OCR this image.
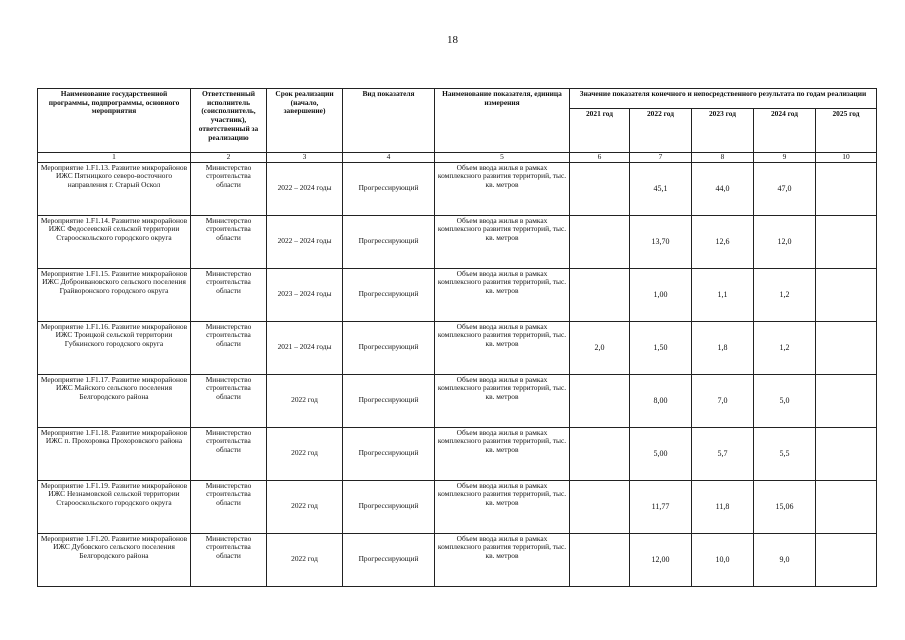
18
Наименование государственной программы, подпрограммы, основного мероприятия	Ответственный исполнитель (соисполнитель, участник), ответственный за реализацию	Срок реализации (начало, завершение)	Вид показателя	Наименование показателя, единица измерения	Значение показателя конечного и непосредственного результата по годам реализации				
					2021 год	2022 год	2023 год	2024 год	2025 год
1	2	3	4	5	6	7	8	9	10
Мероприятие 1.F1.13. Развитие микрорайонов ИЖС Пятницкого северо-восточного направления г. Старый Оскол	Министерство строительства области	2022 – 2024 годы	Прогрессирующий	Объем ввода жилья в рамках комплексного развития территорий, тыс. кв. метров		45,1	44,0	47,0	
Мероприятие 1.F1.14. Развитие микрорайонов ИЖС Федосеевской сельской территории Старооскольского городского округа	Министерство строительства области	2022 – 2024 годы	Прогрессирующий	Объем ввода жилья в рамках комплексного развития территорий, тыс. кв. метров		13,70	12,6	12,0	
Мероприятие 1.F1.15. Развитие микрорайонов ИЖС Доброивановского сельского поселения Грайворонского городского округа	Министерство строительства области	2023 – 2024 годы	Прогрессирующий	Объем ввода жилья в рамках комплексного развития территорий, тыс. кв. метров		1,00	1,1	1,2	
Мероприятие 1.F1.16. Развитие микрорайонов ИЖС Троицкой сельской территории Губкинского городского округа	Министерство строительства области	2021 – 2024 годы	Прогрессирующий	Объем ввода жилья в рамках комплексного развития территорий, тыс. кв. метров	2,0	1,50	1,8	1,2	
Мероприятие 1.F1.17. Развитие микрорайонов ИЖС Майского сельского поселения Белгородского района	Министерство строительства области	2022 год	Прогрессирующий	Объем ввода жилья в рамках комплексного развития территорий, тыс. кв. метров		8,00	7,0	5,0	
Мероприятие 1.F1.18. Развитие микрорайонов ИЖС п. Прохоровка Прохоровского района	Министерство строительства области	2022 год	Прогрессирующий	Объем ввода жилья в рамках комплексного развития территорий, тыс. кв. метров		5,00	5,7	5,5	
Мероприятие 1.F1.19. Развитие микрорайонов ИЖС Незнамовской сельской территории Старооскольского городского округа	Министерство строительства области	2022 год	Прогрессирующий	Объем ввода жилья в рамках комплексного развития территорий, тыс. кв. метров		11,77	11,8	15,06	
Мероприятие 1.F1.20. Развитие микрорайонов ИЖС Дубовского сельского поселения Белгородского района	Министерство строительства области	2022 год	Прогрессирующий	Объем ввода жилья в рамках комплексного развития территорий, тыс. кв. метров		12,00	10,0	9,0	
